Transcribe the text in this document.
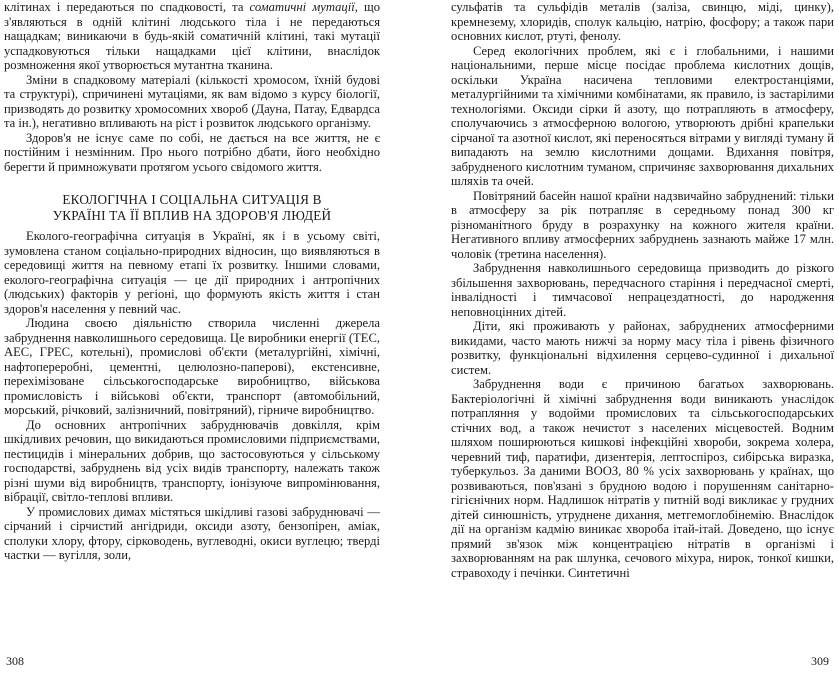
клітинах і передаються по спадковості, та соматичні мутації, що з'являються в одній клітині людського тіла і не передаються нащадкам; виникаючи в будь-якій соматичній клітині, такі мутації успадковуються тільки нащадками цієї клітини, внаслідок розмноження якої утворюється мутантна тканина.

Зміни в спадковому матеріалі (кількості хромосом, їхній будові та структурі), спричинені мутаціями, як вам відомо з курсу біології, призводять до розвитку хромосомних хвороб (Дауна, Патау, Едвардса та ін.), негативно впливають на ріст і розвиток людського організму.

Здоров'я не існує саме по собі, не дається на все життя, не є постійним і незмінним. Про нього потрібно дбати, його необхідно берегти й примножувати протягом усього свідомого життя.

ЕКОЛОГІЧНА І СОЦІАЛЬНА СИТУАЦІЯ В
УКРАЇНІ ТА ЇЇ ВПЛИВ НА ЗДОРОВ'Я ЛЮДЕЙ

Еколого-географічна ситуація в Україні, як і в усьому світі, зумовлена станом соціально-природних відносин, що виявляються в середовищі життя на певному етапі їх розвитку. Іншими словами, еколого-географічна ситуація — це дії природних і антропічних (людських) факторів у регіоні, що формують якість життя і стан здоров'я населення у певний час.

Людина своєю діяльністю створила численні джерела забруднення навколишнього середовища. Це виробники енергії (ТЕС, АЕС, ГРЕС, котельні), промислові об'єкти (металургійні, хімічні, нафтопереробні, цементні, целюлозно-паперові), екстенсивне, перехімізоване сільськогосподарське виробництво, військова промисловість і військові об'єкти, транспорт (автомобільний, морський, річковий, залізничний, повітряний), гірниче виробництво.

До основних антропічних забруднювачів довкілля, крім шкідливих речовин, що викидаються промисловими підприємствами, пестицидів і мінеральних добрив, що застосовуються у сільському господарстві, забруднень від усіх видів транспорту, належать також різні шуми від виробництв, транспорту, іонізуюче випромінювання, вібрації, світло-теплові впливи.

У промислових димах містяться шкідливі газові забруднювачі — сірчаний і сірчистий ангідриди, оксиди азоту, бензопірен, аміак, сполуки хлору, фтору, сірководень, вуглеводні, окиси вуглецю; тверді частки — вугілля, золи,

308

сульфатів та сульфідів металів (заліза, свинцю, міді, цинку), кремнезему, хлоридів, сполук кальцію, натрію, фосфору; а також пари основних кислот, ртуті, фенолу.

Серед екологічних проблем, які є і глобальними, і нашими національними, перше місце посідає проблема кислотних дощів, оскільки Україна насичена тепловими електростанціями, металургійними та хімічними комбінатами, як правило, із застарілими технологіями. Оксиди сірки й азоту, що потрапляють в атмосферу, сполучаючись з атмосферною вологою, утворюють дрібні крапельки сірчаної та азотної кислот, які переносяться вітрами у вигляді туману й випадають на землю кислотними дощами. Вдихання повітря, забрудненого кислотним туманом, спричиняє захворювання дихальних шляхів та очей.

Повітряний басейн нашої країни надзвичайно забруднений: тільки в атмосферу за рік потрапляє в середньому понад 300 кг різноманітного бруду в розрахунку на кожного жителя країни. Негативного впливу атмосферних забруднень зазнають майже 17 млн. чоловік (третина населення).

Забруднення навколишнього середовища призводить до різкого збільшення захворювань, передчасного старіння і передчасної смерті, інвалідності і тимчасової непрацездатності, до народження неповноцінних дітей.

Діти, які проживають у районах, забруднених атмосферними викидами, часто мають нижчі за норму масу тіла і рівень фізичного розвитку, функціональні відхилення серцево-судинної і дихальної систем.

Забруднення води є причиною багатьох захворювань. Бактеріологічні й хімічні забруднення води виникають унаслідок потрапляння у водойми промислових та сільськогосподарських стічних вод, а також нечистот з населених місцевостей. Водним шляхом поширюються кишкові інфекційні хвороби, зокрема холера, черевний тиф, паратифи, дизентерія, лептоспіроз, сибірська виразка, туберкульоз. За даними ВООЗ, 80 % усіх захворювань у країнах, що розвиваються, пов'язані з брудною водою і порушенням санітарно-гігієнічних норм. Надлишок нітратів у питній воді викликає у грудних дітей синюшність, утруднене дихання, метгемоглобінемію. Внаслідок дії на організм кадмію виникає хвороба ітай-ітай. Доведено, що існує прямий зв'язок між концентрацією нітратів в організмі і захворюванням на рак шлунка, сечового міхура, нирок, тонкої кишки, стравоходу і печінки. Синтетичні

309
